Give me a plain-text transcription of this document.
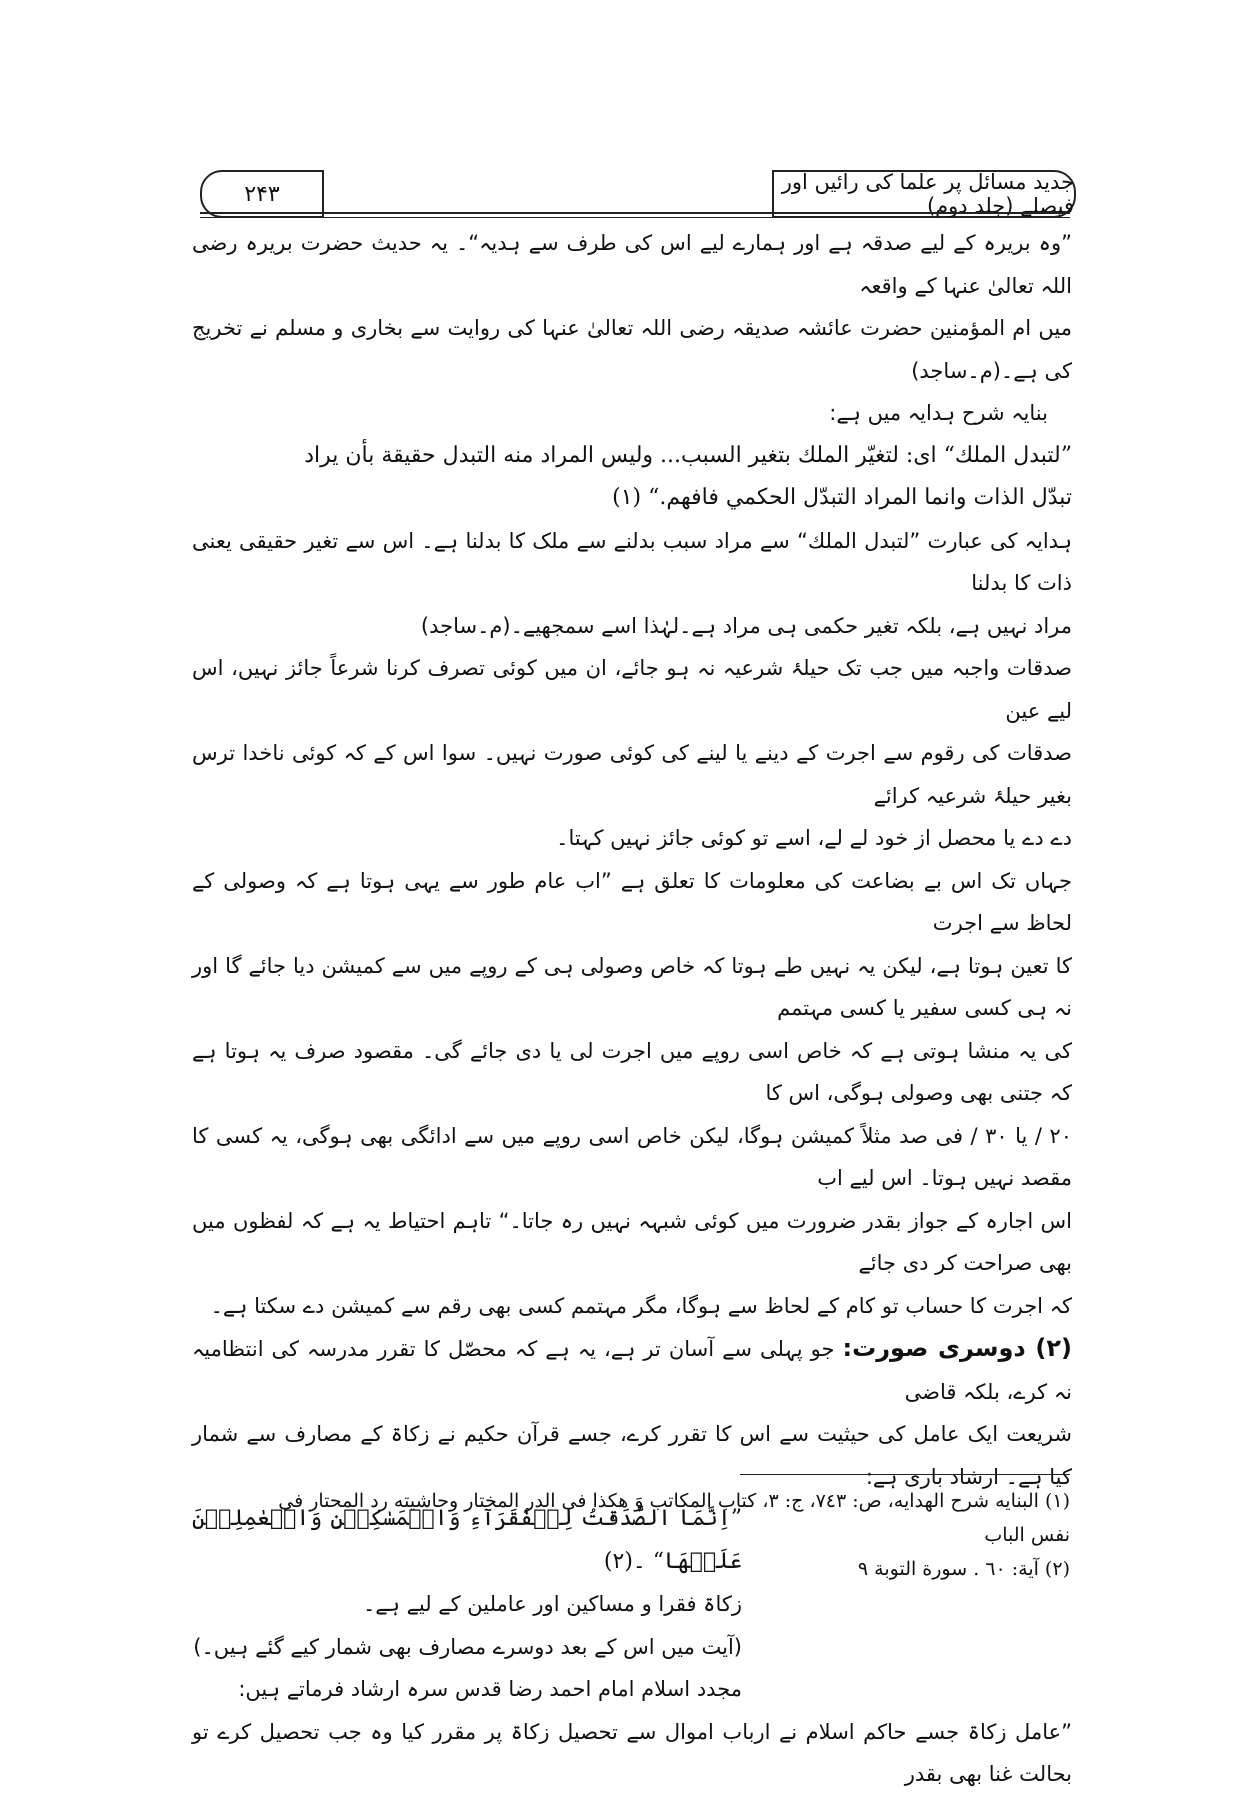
جدید مسائل پر علما کی رائیں اور فیصلے (جلد دوم)
۲۴۳

”وہ بریرہ کے لیے صدقہ ہے اور ہمارے لیے اس کی طرف سے ہدیہ“۔ یہ حدیث حضرت بریرہ رضی اللہ تعالیٰ عنہا کے واقعہ

میں ام المؤمنین حضرت عائشہ صدیقہ رضی اللہ تعالیٰ عنہا کی روایت سے بخاری و مسلم نے تخریج کی ہے۔(م۔ساجد)

بنایہ شرح ہدایہ میں ہے:

”لتبدل الملك“ ای: لتغيّر الملك بتغير السبب... وليس المراد منه التبدل حقيقة بأن يراد

تبدّل الذات وانما المراد التبدّل الحكمي فافهم.“ (۱)

ہدایہ کی عبارت ”لتبدل الملك“ سے مراد سبب بدلنے سے ملک کا بدلنا ہے۔ اس سے تغیر حقیقی یعنی ذات کا بدلنا

مراد نہیں ہے، بلکہ تغیر حکمی ہی مراد ہے۔لہٰذا اسے سمجھیے۔(م۔ساجد)

صدقات واجبہ میں جب تک حیلۂ شرعیہ نہ ہو جائے، ان میں کوئی تصرف کرنا شرعاً جائز نہیں، اس لیے عین

صدقات کی رقوم سے اجرت کے دینے یا لینے کی کوئی صورت نہیں۔ سوا اس کے کہ کوئی ناخدا ترس بغیر حیلۂ شرعیہ کرائے

دے دے یا محصل از خود لے لے، اسے تو کوئی جائز نہیں کہتا۔

جہاں تک اس بے بضاعت کی معلومات کا تعلق ہے ”اب عام طور سے یہی ہوتا ہے کہ وصولی کے لحاظ سے اجرت

کا تعین ہوتا ہے، لیکن یہ نہیں طے ہوتا کہ خاص وصولی ہی کے روپے میں سے کمیشن دیا جائے گا اور نہ ہی کسی سفیر یا کسی مہتمم

کی یہ منشا ہوتی ہے کہ خاص اسی روپے میں اجرت لی یا دی جائے گی۔ مقصود صرف یہ ہوتا ہے کہ جتنی بھی وصولی ہوگی، اس کا

۲۰ / یا ۳۰ / فی صد مثلاً کمیشن ہوگا، لیکن خاص اسی روپے میں سے ادائگی بھی ہوگی، یہ کسی کا مقصد نہیں ہوتا۔ اس لیے اب

اس اجارہ کے جواز بقدر ضرورت میں کوئی شبہہ نہیں رہ جاتا۔“ تاہم احتیاط یہ ہے کہ لفظوں میں بھی صراحت کر دی جائے

کہ اجرت کا حساب تو کام کے لحاظ سے ہوگا، مگر مہتمم کسی بھی رقم سے کمیشن دے سکتا ہے۔

(۲) دوسری صورت: جو پہلی سے آسان تر ہے، یہ ہے کہ محصّل کا تقرر مدرسہ کی انتظامیہ نہ کرے، بلکہ قاضی

شریعت ایک عامل کی حیثیت سے اس کا تقرر کرے، جسے قرآن حکیم نے زکاۃ کے مصارف سے شمار کیا ہے۔ ارشاد باری ہے:

”اِنَّمَا الصَّدَقٰتُ لِلۡفُقَرَآءِ وَالۡمَسٰكِيۡنِ وَالۡعٰمِلِيۡنَ عَلَيۡهَا“ ۔(۲)

زکاۃ فقرا و مساکین اور عاملین کے لیے ہے۔

(آیت میں اس کے بعد دوسرے مصارف بھی شمار کیے گئے ہیں۔)

مجدد اسلام امام احمد رضا قدس سرہ ارشاد فرماتے ہیں:

”عامل زکاۃ جسے حاکم اسلام نے ارباب اموال سے تحصیل زکاۃ پر مقرر کیا وہ جب تحصیل کرے تو بحالت غنا بھی بقدر

(۱) البنايه شرح الهدايه، ص: ٧٤٣، ج: ٣، كتاب المكاتب وَ هكذا فى الدر المختار وحاشيته رد المحتار فى

نفس الباب

(۲) آية: ٦٠ . سورة التوبة ٩
